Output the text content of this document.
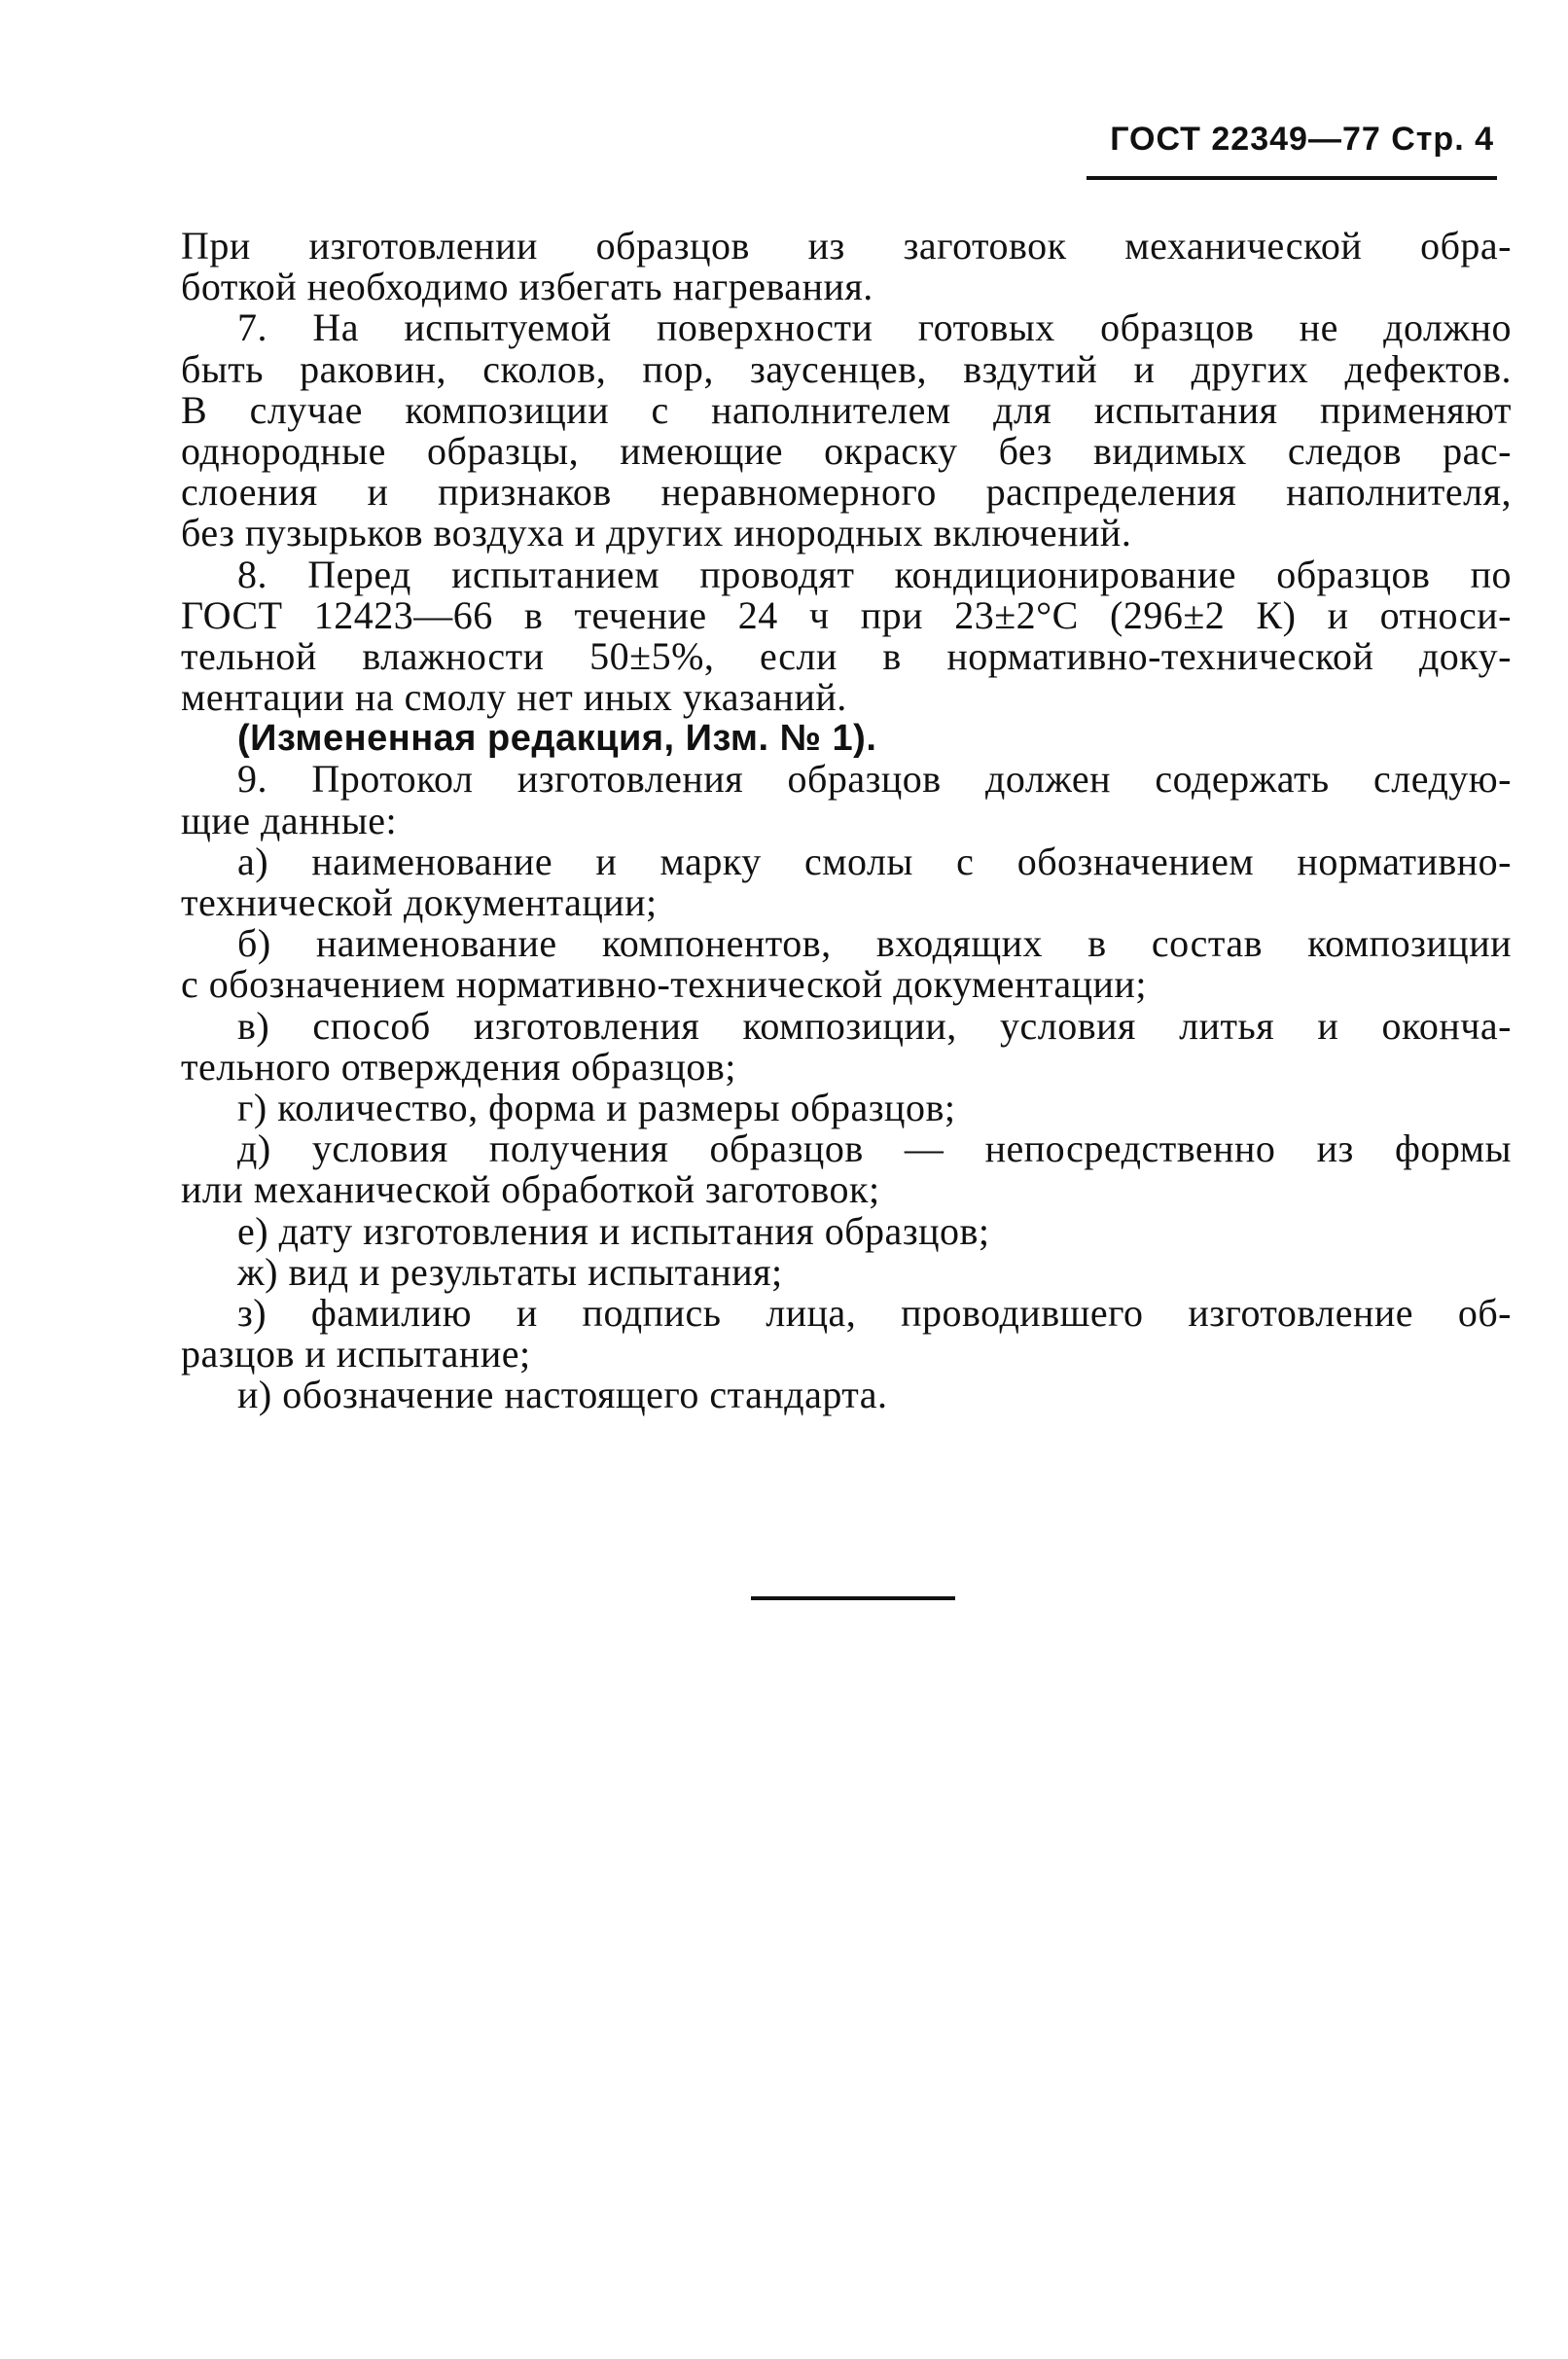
ГОСТ 22349—77 Стр. 4
При изготовлении образцов из заготовок механической обра-
боткой необходимо избегать нагревания.
7. На испытуемой поверхности готовых образцов не должно
быть раковин, сколов, пор, заусенцев, вздутий и других дефектов.
В случае композиции с наполнителем для испытания применяют
однородные образцы, имеющие окраску без видимых следов рас-
слоения и признаков неравномерного распределения наполнителя,
без пузырьков воздуха и других инородных включений.
8. Перед испытанием проводят кондиционирование образцов по
ГОСТ 12423—66 в течение 24 ч при 23±2°С (296±2 К) и относи-
тельной влажности 50±5%, если в нормативно-технической доку-
ментации на смолу нет иных указаний.
(Измененная редакция, Изм. № 1).
9. Протокол изготовления образцов должен содержать следую-
щие данные:
а) наименование и марку смолы с обозначением нормативно-
технической документации;
б) наименование компонентов, входящих в состав композиции
с обозначением нормативно-технической документации;
в) способ изготовления композиции, условия литья и оконча-
тельного отверждения образцов;
г) количество, форма и размеры образцов;
д) условия получения образцов — непосредственно из формы
или механической обработкой заготовок;
е) дату изготовления и испытания образцов;
ж) вид и результаты испытания;
з) фамилию и подпись лица, проводившего изготовление об-
разцов и испытание;
и) обозначение настоящего стандарта.
